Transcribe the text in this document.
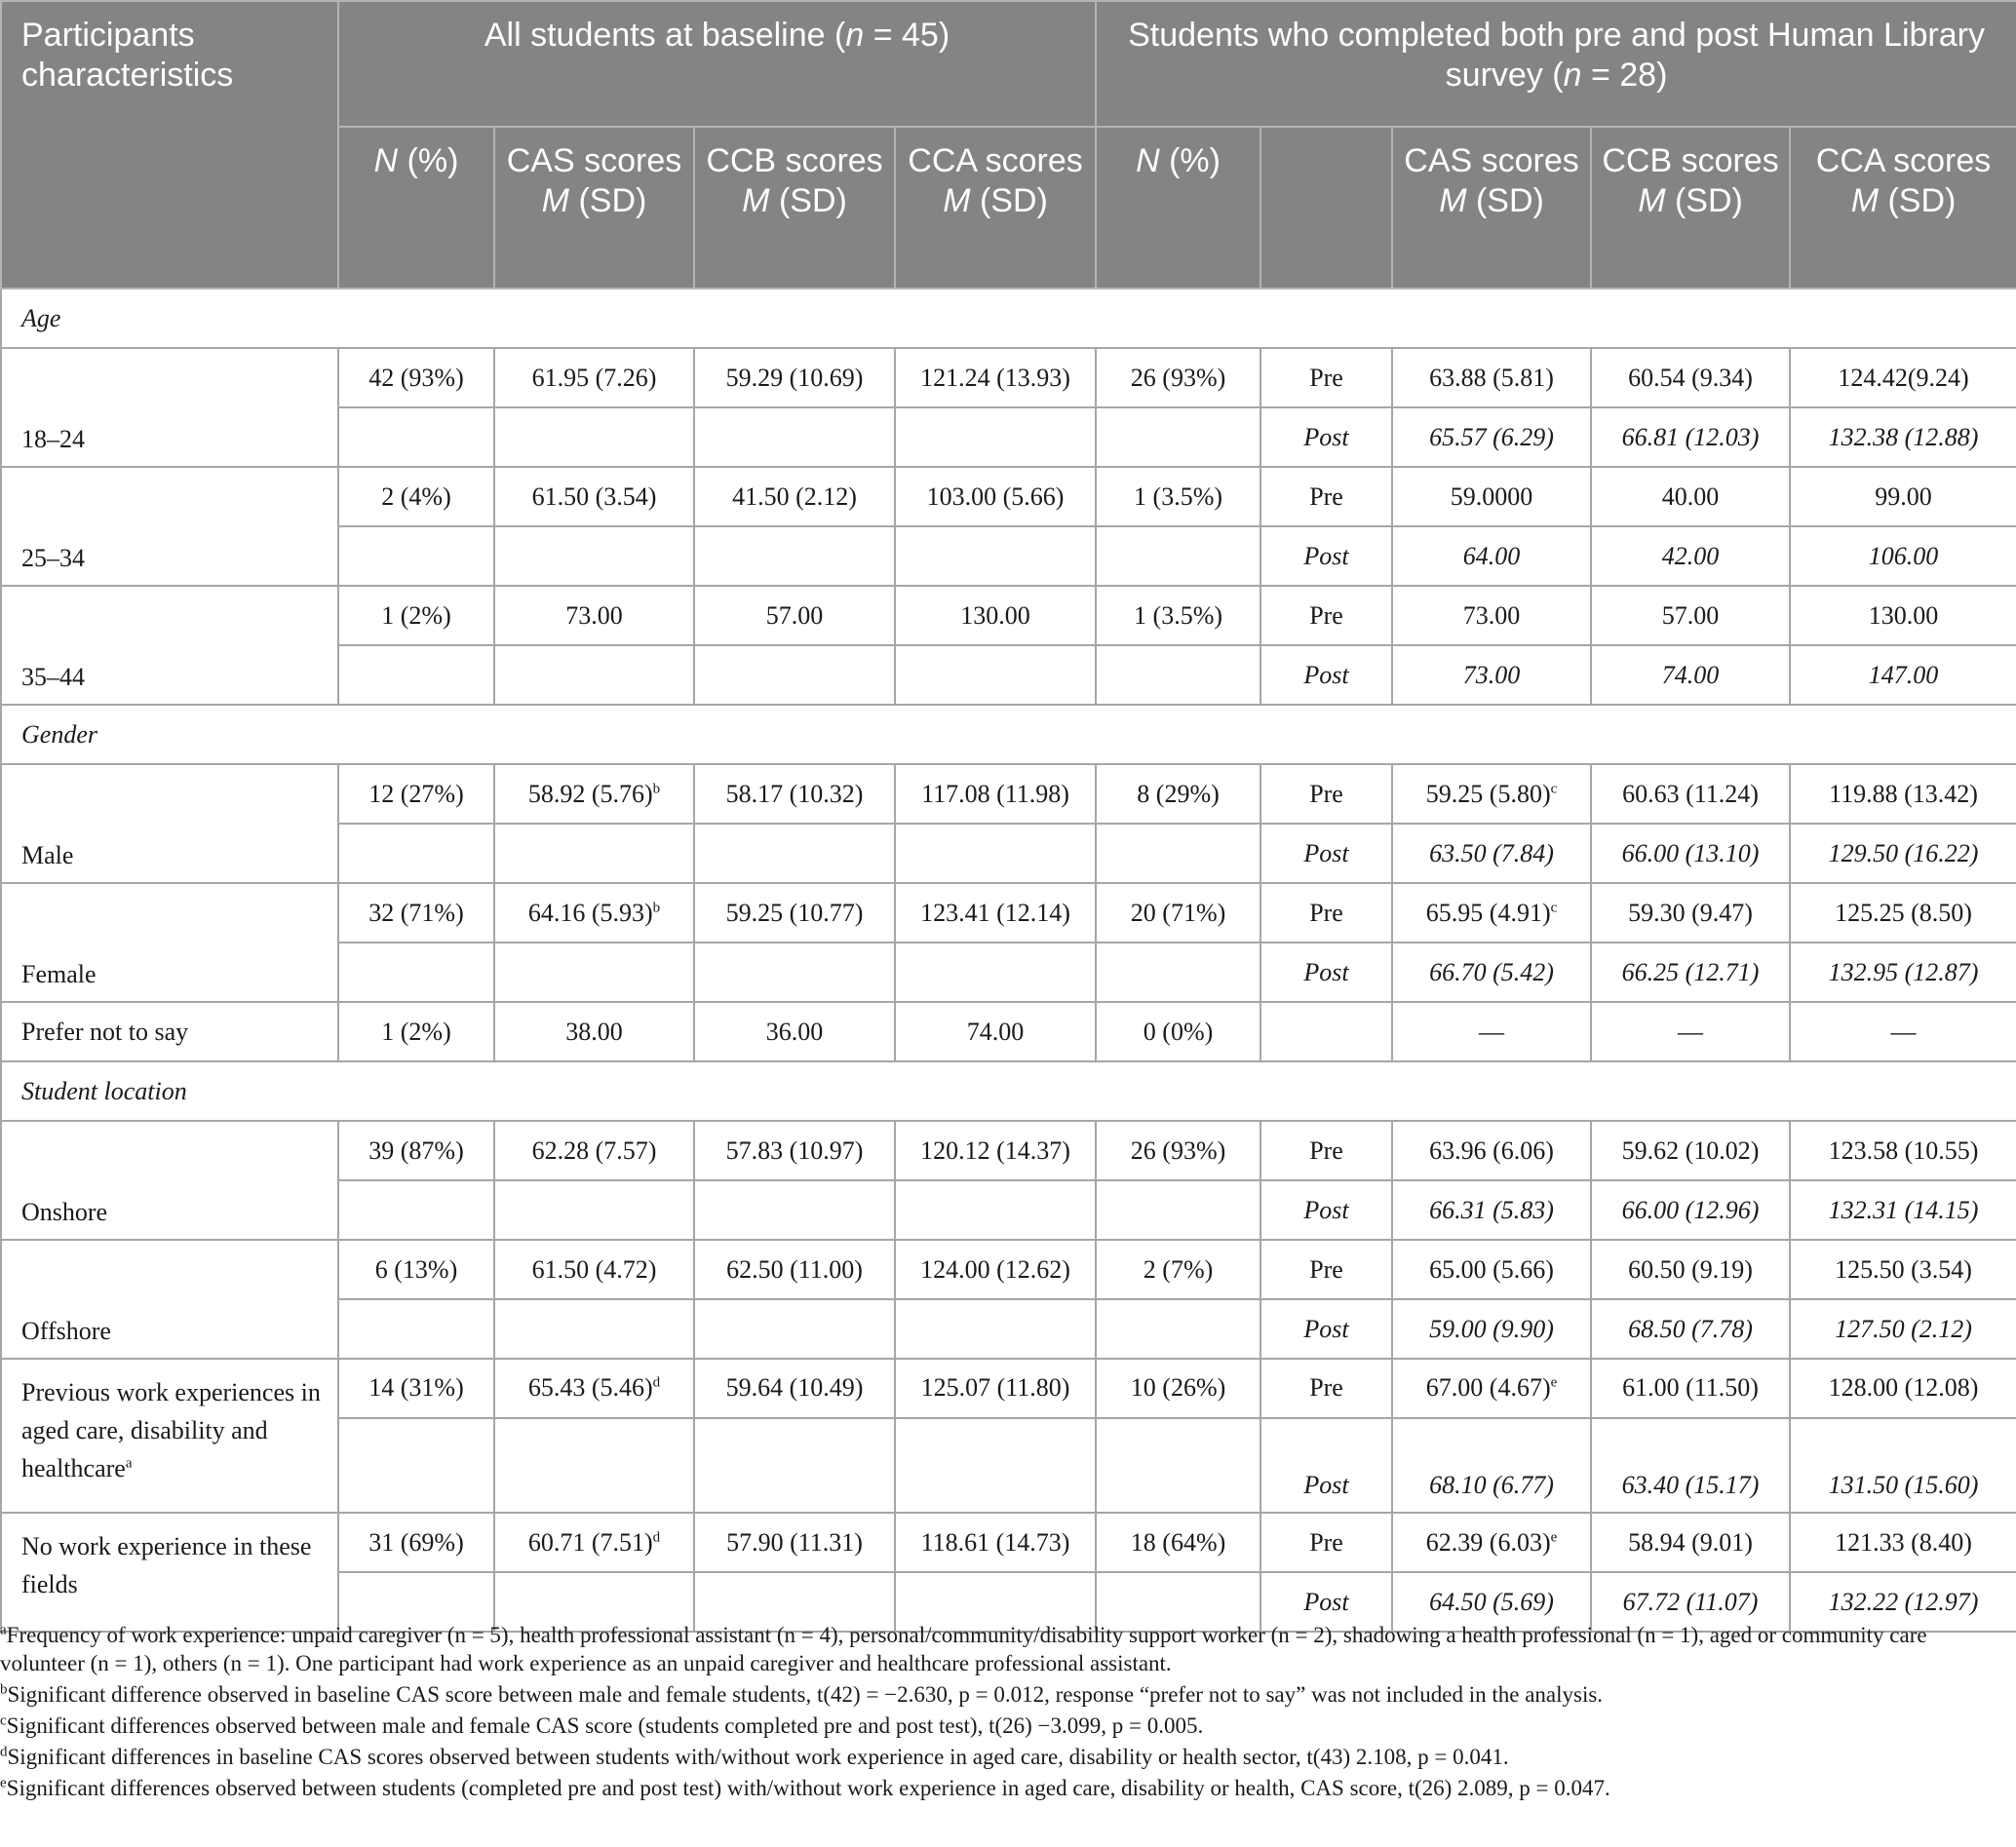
Participants characteristics	All students at baseline (n = 45)				Students who completed both pre and post Human Library survey (n = 28)				
	N (%)	CAS scores M (SD)	CCB scores M (SD)	CCA scores M (SD)	N (%)		CAS scores M (SD)	CCB scores M (SD)	CCA scores M (SD)
Age									
18–24	42 (93%)	61.95 (7.26)	59.29 (10.69)	121.24 (13.93)	26 (93%)	Pre	63.88 (5.81)	60.54 (9.34)	124.42(9.24)
						Post	65.57 (6.29)	66.81 (12.03)	132.38 (12.88)
25–34	2 (4%)	61.50 (3.54)	41.50 (2.12)	103.00 (5.66)	1 (3.5%)	Pre	59.0000	40.00	99.00
						Post	64.00	42.00	106.00
35–44	1 (2%)	73.00	57.00	130.00	1 (3.5%)	Pre	73.00	57.00	130.00
						Post	73.00	74.00	147.00
Gender									
Male	12 (27%)	58.92 $(5.76)^b$	58.17 (10.32)	117.08 (11.98)	8 (29%)	Pre	59.25 $(5.80)^c$	60.63 (11.24)	119.88 (13.42)
						Post	63.50 (7.84)	66.00 (13.10)	129.50 (16.22)
Female	32 (71%)	64.16 $(5.93)^b$	59.25 (10.77)	123.41 (12.14)	20 (71%)	Pre	65.95 $(4.91)^c$	59.30 (9.47)	125.25 (8.50)
						Post	66.70 (5.42)	66.25 (12.71)	132.95 (12.87)
Prefer not to say	1 (2%)	38.00	36.00	74.00	0 (0%)		—	—	—
Student location									
Onshore	39 (87%)	62.28 (7.57)	57.83 (10.97)	120.12 (14.37)	26 (93%)	Pre	63.96 (6.06)	59.62 (10.02)	123.58 (10.55)
						Post	66.31 (5.83)	66.00 (12.96)	132.31 (14.15)
Offshore	6 (13%)	61.50 (4.72)	62.50 (11.00)	124.00 (12.62)	2 (7%)	Pre	65.00 (5.66)	60.50 (9.19)	125.50 (3.54)
						Post	59.00 (9.90)	68.50 (7.78)	127.50 (2.12)
Previous work experiences in aged care, disability and healthcare$^a$	14 (31%)	65.43 $(5.46)^d$	59.64 (10.49)	125.07 (11.80)	10 (26%)	Pre	67.00 $(4.67)^e$	61.00 (11.50)	128.00 (12.08)
						Post	68.10 (6.77)	63.40 (15.17)	131.50 (15.60)
No work experience in these fields	31 (69%)	60.71 $(7.51)^d$	57.90 (11.31)	118.61 (14.73)	18 (64%)	Pre	62.39 $(6.03)^e$	58.94 (9.01)	121.33 (8.40)
						Post	64.50 (5.69)	67.72 (11.07)	132.22 (12.97)

$^a$Frequency of work experience: unpaid caregiver (n = 5), health professional assistant (n = 4), personal/community/disability support worker (n = 2), shadowing a health professional (n = 1), aged or community care volunteer (n = 1), others (n = 1). One participant had work experience as an unpaid caregiver and healthcare professional assistant.

$^b$Significant difference observed in baseline CAS score between male and female students, t(42) = −2.630, p = 0.012, response “prefer not to say” was not included in the analysis.

$^c$Significant differences observed between male and female CAS score (students completed pre and post test), t(26) −3.099, p = 0.005.

$^d$Significant differences in baseline CAS scores observed between students with/without work experience in aged care, disability or health sector, t(43) 2.108, p = 0.041.

$^e$Significant differences observed between students (completed pre and post test) with/without work experience in aged care, disability or health, CAS score, t(26) 2.089, p = 0.047.
